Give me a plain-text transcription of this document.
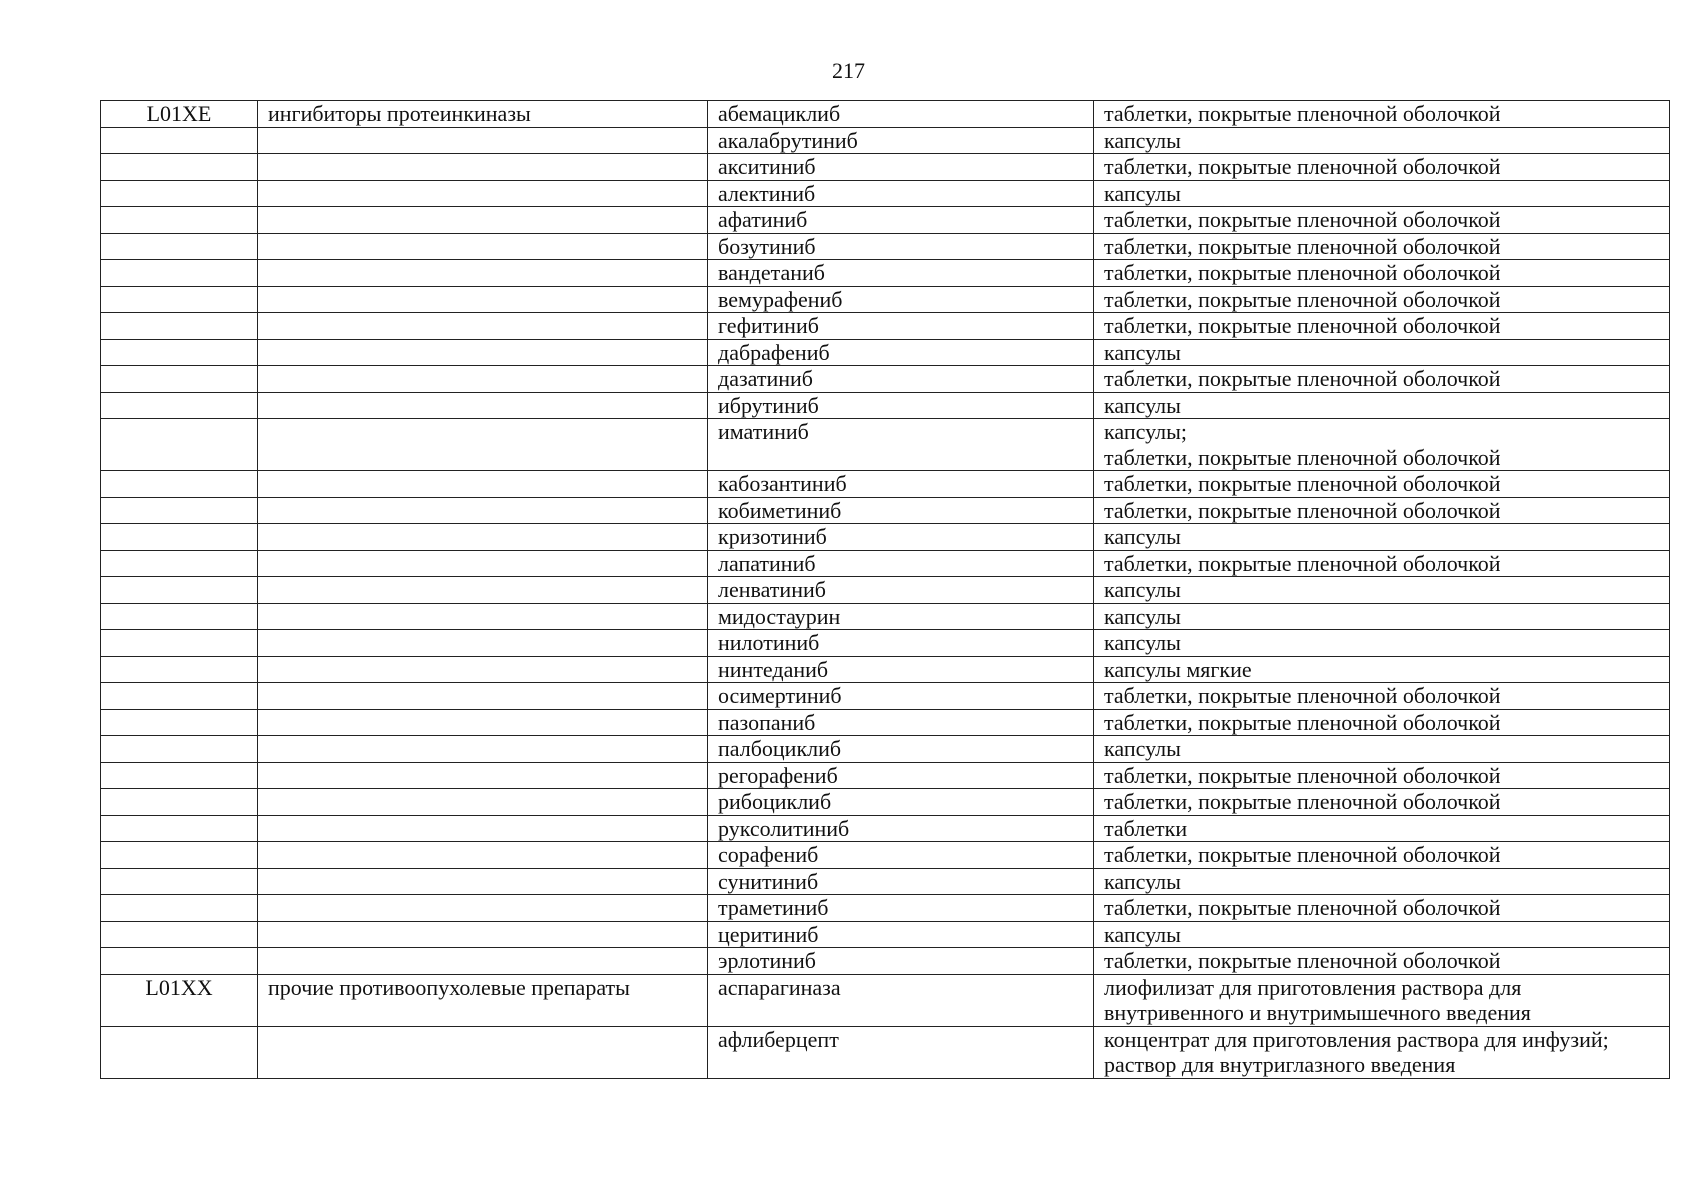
217
L01XE	ингибиторы протеинкиназы	абемациклиб	таблетки, покрытые пленочной оболочкой

		акалабрутиниб	капсулы

		акситиниб	таблетки, покрытые пленочной оболочкой

		алектиниб	капсулы

		афатиниб	таблетки, покрытые пленочной оболочкой

		бозутиниб	таблетки, покрытые пленочной оболочкой

		вандетаниб	таблетки, покрытые пленочной оболочкой

		вемурафениб	таблетки, покрытые пленочной оболочкой

		гефитиниб	таблетки, покрытые пленочной оболочкой

		дабрафениб	капсулы

		дазатиниб	таблетки, покрытые пленочной оболочкой

		ибрутиниб	капсулы

		иматиниб	капсулы;
таблетки, покрытые пленочной оболочкой

		кабозантиниб	таблетки, покрытые пленочной оболочкой

		кобиметиниб	таблетки, покрытые пленочной оболочкой

		кризотиниб	капсулы

		лапатиниб	таблетки, покрытые пленочной оболочкой

		ленватиниб	капсулы

		мидостаурин	капсулы

		нилотиниб	капсулы

		нинтеданиб	капсулы мягкие

		осимертиниб	таблетки, покрытые пленочной оболочкой

		пазопаниб	таблетки, покрытые пленочной оболочкой

		палбоциклиб	капсулы

		регорафениб	таблетки, покрытые пленочной оболочкой

		рибоциклиб	таблетки, покрытые пленочной оболочкой

		руксолитиниб	таблетки

		сорафениб	таблетки, покрытые пленочной оболочкой

		сунитиниб	капсулы

		траметиниб	таблетки, покрытые пленочной оболочкой

		церитиниб	капсулы

		эрлотиниб	таблетки, покрытые пленочной оболочкой

L01XX	прочие противоопухолевые препараты	аспарагиназа	лиофилизат для приготовления раствора для внутривенного и внутримышечного введения

		афлиберцепт	концентрат для приготовления раствора для инфузий;
раствор для внутриглазного введения
